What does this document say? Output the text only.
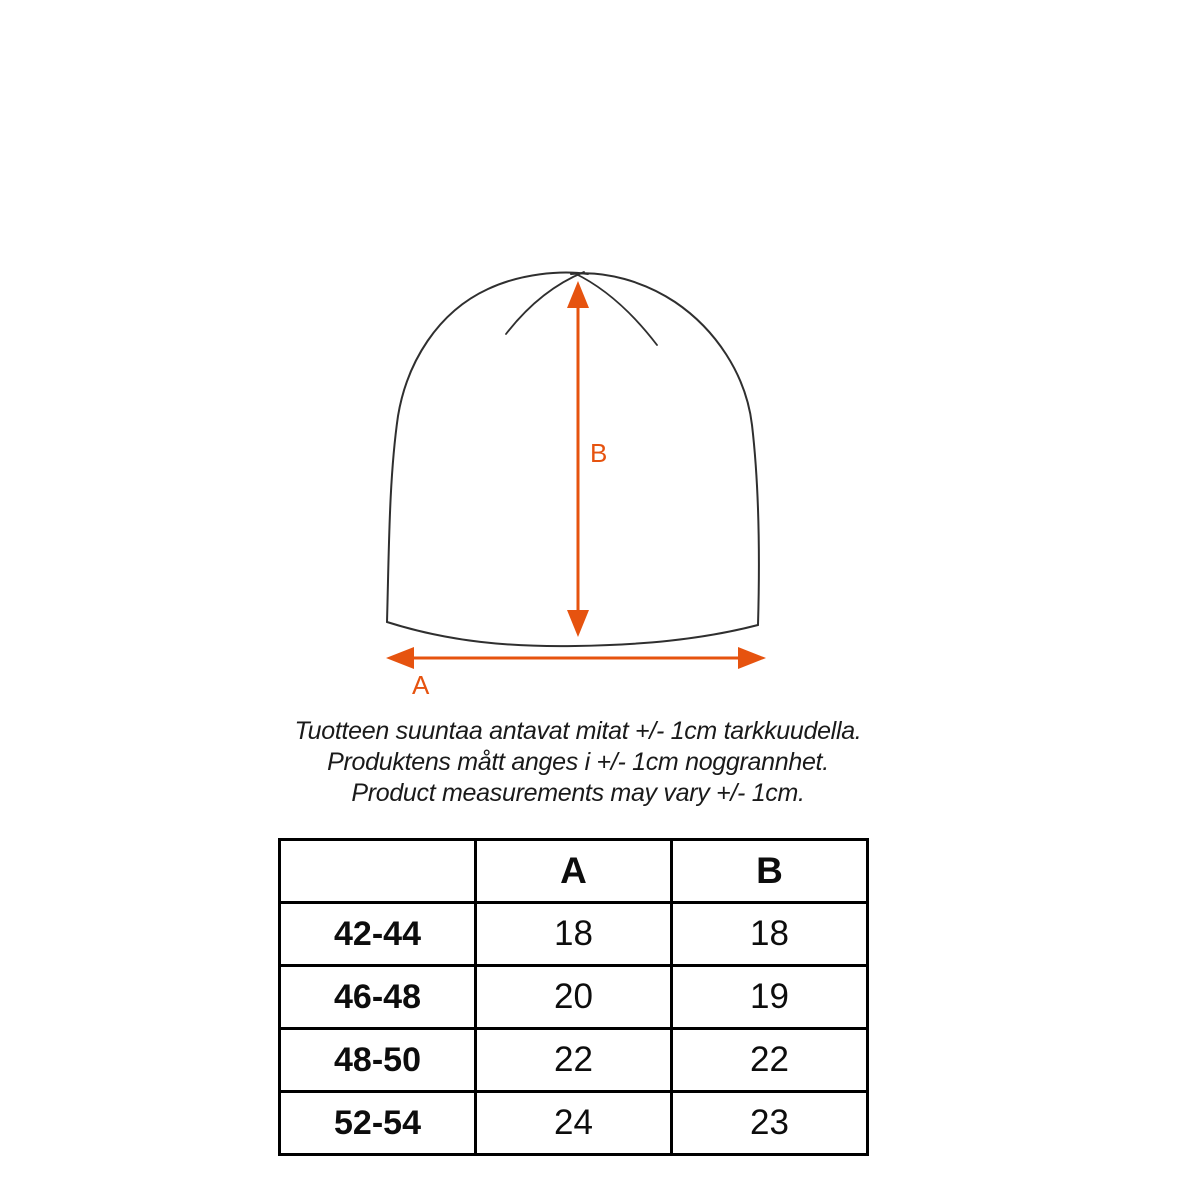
B
A

Tuotteen suuntaa antavat mitat +/- 1cm tarkkuudella.

Produktens mått anges i +/- 1cm noggrannhet.

Product measurements may vary +/- 1cm.

	A	B
42-44	18	18
46-48	20	19
48-50	22	22
52-54	24	23
